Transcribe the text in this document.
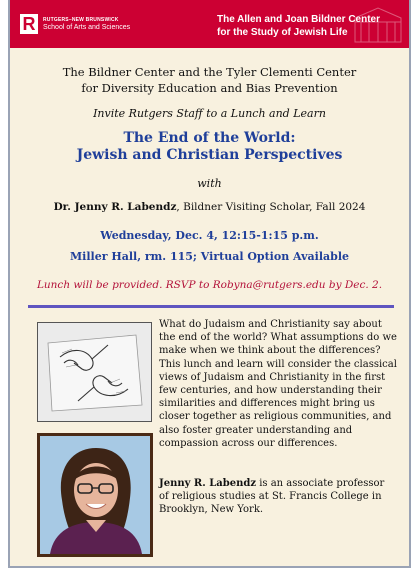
R	RUTGERS–NEW BRUNSWICK
School of Arts and Sciences
The Allen and Joan Bildner Center
for the Study of Jewish Life
The Bildner Center and the Tyler Clementi Center
for Diversity Education and Bias Prevention
Invite Rutgers Staff to a Lunch and Learn
The End of the World:
Jewish and Christian Perspectives
with
Dr. Jenny R. Labendz, Bildner Visiting Scholar, Fall 2024
Wednesday, Dec. 4, 12:15-1:15 p.m.
Miller Hall, rm. 115; Virtual Option Available
Lunch will be provided. RSVP to Robyna@rutgers.edu by Dec. 2.
What do Judaism and Christianity say about the end of the world? What assumptions do we make when we think about the differences? This lunch and learn will consider the classical views of Judaism and Christianity in the first few centuries, and how understanding their similarities and differences might bring us closer together as religious communities, and also foster greater understanding and compassion across our differences.
Jenny R. Labendz is an associate professor of religious studies at St. Francis College in Brooklyn, New York.
